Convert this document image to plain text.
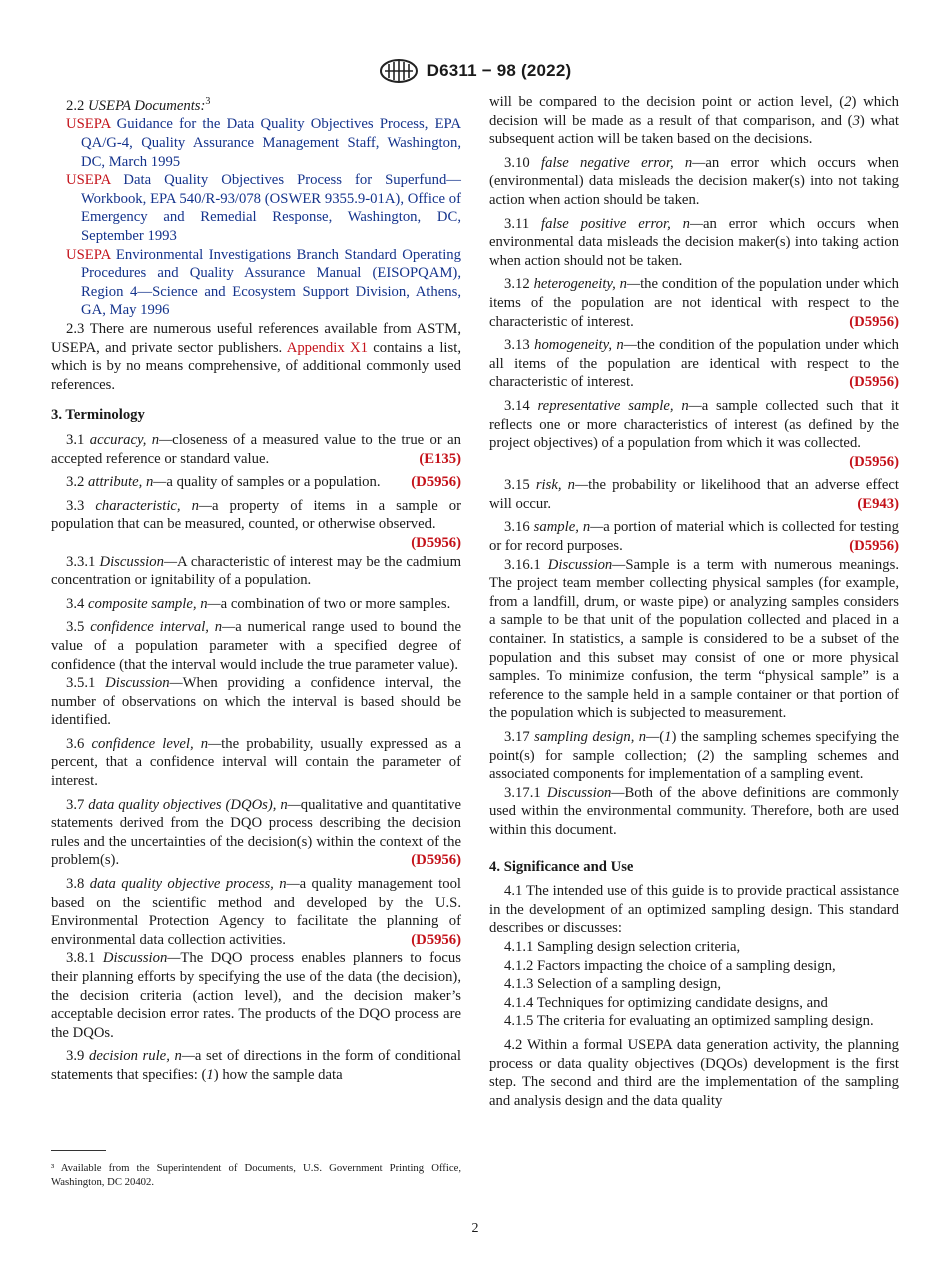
D6311 − 98 (2022)

2.2 USEPA Documents:$^3$

USEPA Guidance for the Data Quality Objectives Process, EPA QA/G-4, Quality Assurance Management Staff, Washington, DC, March 1995

USEPA Data Quality Objectives Process for Superfund—Workbook, EPA 540/R-93/078 (OSWER 9355.9-01A), Office of Emergency and Remedial Response, Washington, DC, September 1993

USEPA Environmental Investigations Branch Standard Operating Procedures and Quality Assurance Manual (EISOPQAM), Region 4—Science and Ecosystem Support Division, Athens, GA, May 1996

2.3 There are numerous useful references available from ASTM, USEPA, and private sector publishers. Appendix X1 contains a list, which is by no means comprehensive, of additional commonly used references.

3. Terminology

3.1 accuracy, n—closeness of a measured value to the true or an accepted reference or standard value.	(E135)

3.2 attribute, n—a quality of samples or a population.	(D5956)

3.3 characteristic, n—a property of items in a sample or population that can be measured, counted, or otherwise observed.
(D5956)

3.3.1 Discussion—A characteristic of interest may be the cadmium concentration or ignitability of a population.

3.4 composite sample, n—a combination of two or more samples.

3.5 confidence interval, n—a numerical range used to bound the value of a population parameter with a specified degree of confidence (that the interval would include the true parameter value).

3.5.1 Discussion—When providing a confidence interval, the number of observations on which the interval is based should be identified.

3.6 confidence level, n—the probability, usually expressed as a percent, that a confidence interval will contain the parameter of interest.

3.7 data quality objectives (DQOs), n—qualitative and quantitative statements derived from the DQO process describing the decision rules and the uncertainties of the decision(s) within the context of the problem(s).	(D5956)

3.8 data quality objective process, n—a quality management tool based on the scientific method and developed by the U.S. Environmental Protection Agency to facilitate the planning of environmental data collection activities.	(D5956)

3.8.1 Discussion—The DQO process enables planners to focus their planning efforts by specifying the use of the data (the decision), the decision criteria (action level), and the decision maker’s acceptable decision error rates. The products of the DQO process are the DQOs.

3.9 decision rule, n—a set of directions in the form of conditional statements that specifies: (1) how the sample data

³ Available from the Superintendent of Documents, U.S. Government Printing Office, Washington, DC 20402.

will be compared to the decision point or action level, (2) which decision will be made as a result of that comparison, and (3) what subsequent action will be taken based on the decisions.

3.10 false negative error, n—an error which occurs when (environmental) data misleads the decision maker(s) into not taking action when action should be taken.

3.11 false positive error, n—an error which occurs when environmental data misleads the decision maker(s) into taking action when action should not be taken.

3.12 heterogeneity, n—the condition of the population under which items of the population are not identical with respect to the characteristic of interest.	(D5956)

3.13 homogeneity, n—the condition of the population under which all items of the population are identical with respect to the characteristic of interest.	(D5956)

3.14 representative sample, n—a sample collected such that it reflects one or more characteristics of interest (as defined by the project objectives) of a population from which it was collected.
(D5956)

3.15 risk, n—the probability or likelihood that an adverse effect will occur.	(E943)

3.16 sample, n—a portion of material which is collected for testing or for record purposes.	(D5956)

3.16.1 Discussion—Sample is a term with numerous meanings. The project team member collecting physical samples (for example, from a landfill, drum, or waste pipe) or analyzing samples considers a sample to be that unit of the population collected and placed in a container. In statistics, a sample is considered to be a subset of the population and this subset may consist of one or more physical samples. To minimize confusion, the term “physical sample” is a reference to the sample held in a sample container or that portion of the population which is subjected to measurement.

3.17 sampling design, n—(1) the sampling schemes specifying the point(s) for sample collection; (2) the sampling schemes and associated components for implementation of a sampling event.

3.17.1 Discussion—Both of the above definitions are commonly used within the environmental community. Therefore, both are used within this document.

4. Significance and Use

4.1 The intended use of this guide is to provide practical assistance in the development of an optimized sampling design. This standard describes or discusses:

4.1.1 Sampling design selection criteria,

4.1.2 Factors impacting the choice of a sampling design,

4.1.3 Selection of a sampling design,

4.1.4 Techniques for optimizing candidate designs, and

4.1.5 The criteria for evaluating an optimized sampling design.

4.2 Within a formal USEPA data generation activity, the planning process or data quality objectives (DQOs) development is the first step. The second and third are the implementation of the sampling and analysis design and the data quality

2
